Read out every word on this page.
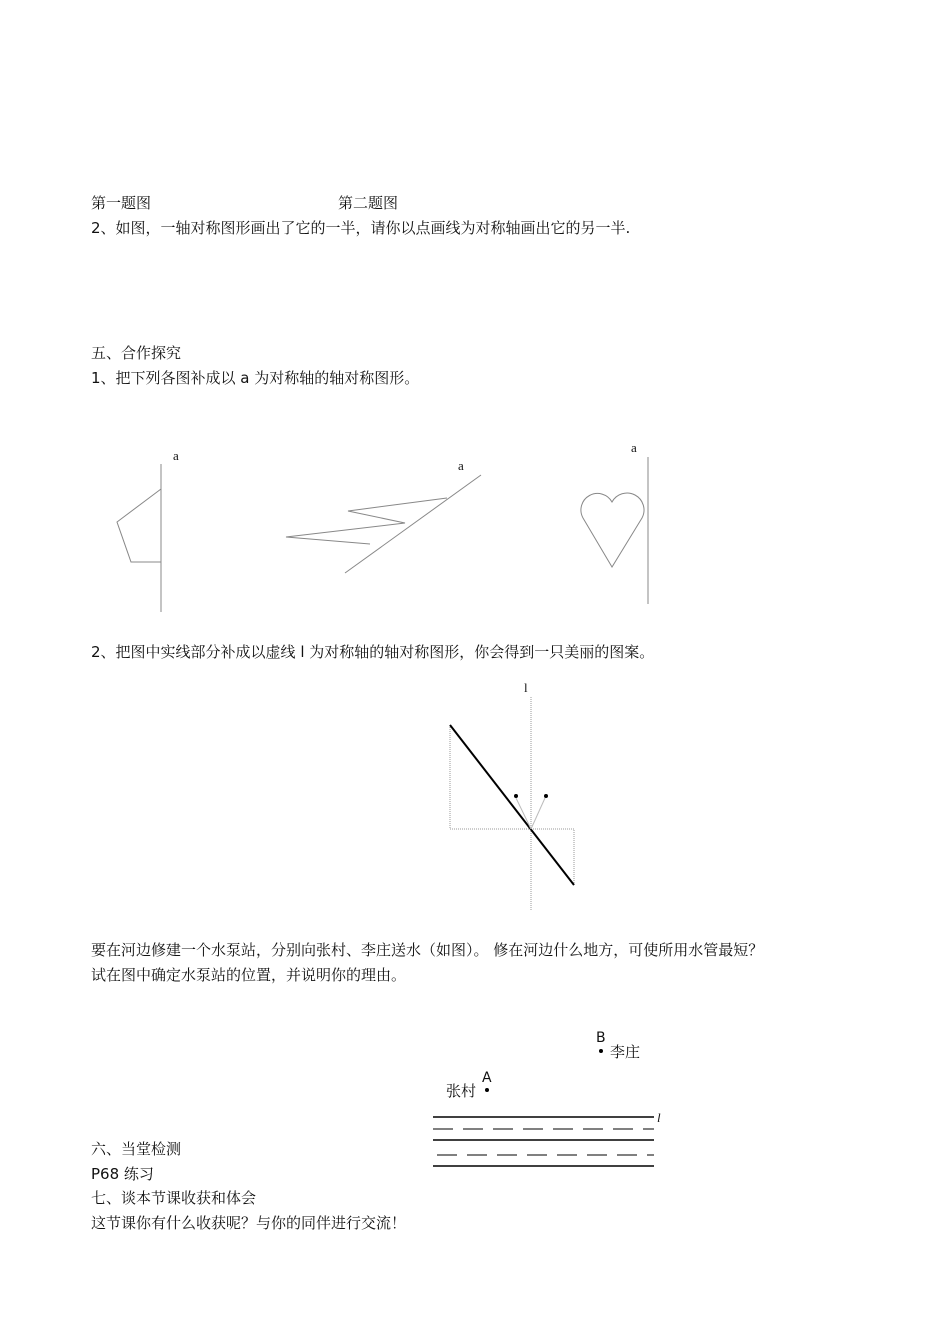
第一题图	第二题图
2、如图，一轴对称图形画出了它的一半，请你以点画线为对称轴画出它的另一半.
五、合作探究
1、把下列各图补成以 a 为对称轴的轴对称图形。
a
a
a
2、把图中实线部分补成以虚线 l 为对称轴的轴对称图形，你会得到一只美丽的图案。
l
要在河边修建一个水泵站，分别向张村、李庄送水（如图）。 修在河边什么地方，可使所用水管最短？
试在图中确定水泵站的位置，并说明你的理由。
A
张村
B
李庄
l
六、当堂检测
P68 练习
七、谈本节课收获和体会
这节课你有什么收获呢？与你的同伴进行交流！
